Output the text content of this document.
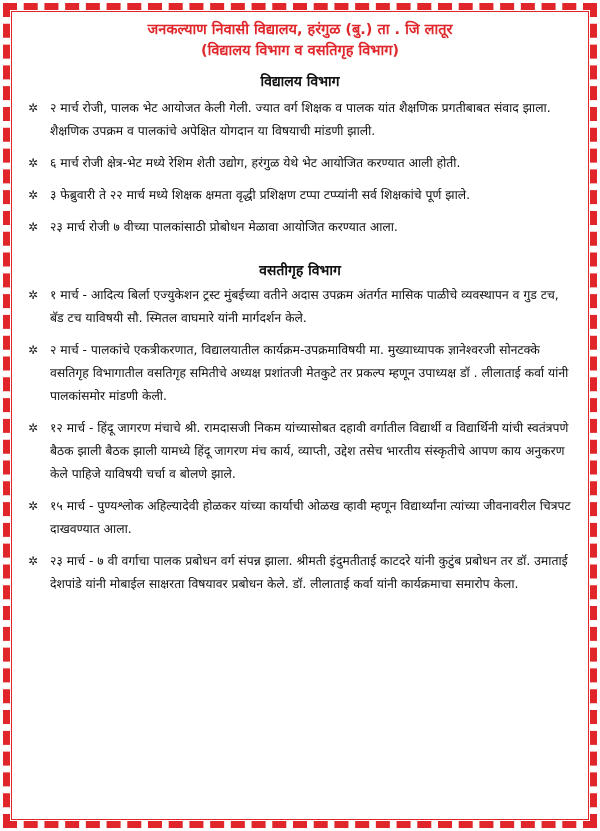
जनकल्याण निवासी विद्यालय, हरंगुळ (बु.) ता . जि लातूर

(विद्यालय विभाग व वसतिगृह विभाग)

विद्यालय विभाग

✲ २ मार्च रोजी, पालक भेट आयोजत केली गेली. ज्यात वर्ग शिक्षक व पालक यांत शैक्षणिक प्रगतीबाबत संवाद झाला. शैक्षणिक उपक्रम व पालकांचे अपेक्षित योगदान या विषयाची मांडणी झाली.
✲ ६ मार्च रोजी क्षेत्र-भेट मध्ये रेशिम शेती उद्योग, हरंगुळ येथे भेट आयोजित करण्यात आली होती.
✲ ३ फेब्रुवारी ते २२ मार्च मध्ये शिक्षक क्षमता वृद्धी प्रशिक्षण टप्पा टप्प्यांनी सर्व शिक्षकांचे पूर्ण झाले.
✲ २३ मार्च रोजी ७ वीच्या पालकांसाठी प्रोबोधन मेळावा आयोजित करण्यात आला.

वसतीगृह विभाग

✲ १ मार्च - आदित्य बिर्ला एज्युकेशन ट्रस्ट मुंबईच्या वतीने अदास उपक्रम अंतर्गत मासिक पाळीचे व्यवस्थापन व गुड टच, बॅड टच याविषयी सौ. स्मितल वाघमारे यांनी मार्गदर्शन केले.
✲ २ मार्च - पालकांचे एकत्रीकरणात, विद्यालयातील कार्यक्रम-उपक्रमाविषयी मा. मुख्याध्यापक ज्ञानेश्वरजी सोनटक्के वसतिगृह विभागातील वसतिगृह समितीचे अध्यक्ष प्रशांतजी मेतकुटे तर प्रकल्प म्हणून उपाध्यक्ष डॉ . लीलाताई कर्वा यांनी पालकांसमोर मांडणी केली.
✲ १२ मार्च - हिंदू जागरण मंचाचे श्री. रामदासजी निकम यांच्यासोबत दहावी वर्गातील विद्यार्थी व विद्यार्थिनी यांची स्वतंत्रपणे बैठक झाली बैठक झाली यामध्ये हिंदू जागरण मंच कार्य, व्याप्ती, उद्देश तसेच भारतीय संस्कृतीचे आपण काय अनुकरण केले पाहिजे याविषयी चर्चा व बोलणे झाले.
✲ १५ मार्च - पुण्यश्लोक अहिल्यादेवी होळकर यांच्या कार्याची ओळख व्हावी म्हणून विद्यार्थ्यांना त्यांच्या जीवनावरील चित्रपट दाखवण्यात आला.
✲ २३ मार्च - ७ वी वर्गाचा पालक प्रबोधन वर्ग संपन्न झाला. श्रीमती इंदुमतीताई काटदरे यांनी कुटुंब प्रबोधन तर डॉ. उमाताई देशपांडे यांनी मोबाईल साक्षरता विषयावर प्रबोधन केले. डॉ. लीलाताई कर्वा यांनी कार्यक्रमाचा समारोप केला.
